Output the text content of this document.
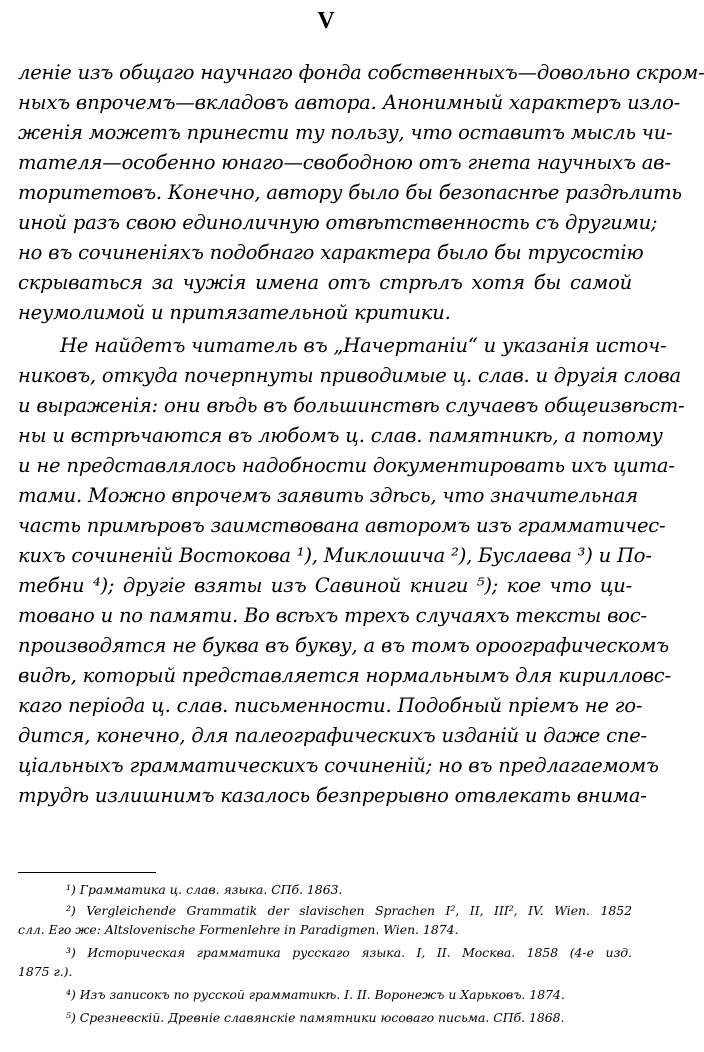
V
леніе изъ общаго научнаго фонда собственныхъ—довольно скром-
ныхъ впрочемъ—вкладовъ автора. Анонимный характеръ изло-
женія можетъ принести ту пользу, что оставитъ мысль чи-
тателя—особенно юнаго—свободною отъ гнета научныхъ ав-
торитетовъ. Конечно, автору было бы безопаснѣе раздѣлить
иной разъ свою единоличную отвѣтственность съ другими;
но въ сочиненіяхъ подобнаго характера было бы трусостію
скрываться за чужія имена отъ стрѣлъ хотя бы самой
неумолимой и притязательной критики.
Не найдетъ читатель въ „Начертаніи“ и указанія источ-
никовъ, откуда почерпнуты приводимые ц. слав. и другія слова
и выраженія: они вѣдь въ большинствѣ случаевъ общеизвѣст-
ны и встрѣчаются въ любомъ ц. слав. памятникѣ, а потому
и не представлялось надобности документировать ихъ цита-
тами. Можно впрочемъ заявить здѣсь, что значительная
часть примѣровъ заимствована авторомъ изъ грамматичес-
кихъ сочиненій Востокова ¹), Миклошича ²), Буслаева ³) и По-
тебни ⁴); другіе взяты изъ Савиной книги ⁵); кое что ци-
товано и по памяти. Во всѣхъ трехъ случаяхъ тексты вос-
производятся не буква въ букву, а въ томъ ороографическомъ
видѣ, который представляется нормальнымъ для кирилловс-
каго періода ц. слав. письменности. Подобный пріемъ не го-
дится, конечно, для палеографическихъ изданій и даже спе-
ціальныхъ грамматическихъ сочиненій; но въ предлагаемомъ
трудѣ излишнимъ казалось безпрерывно отвлекать внима-
¹) Грамматика ц. слав. языка. СПб. 1863.
²) Vergleichende Grammatik der slavischen Sprachen I², II, III², IV. Wien. 1852
слл. Его же: Altslovenische Formenlehre in Paradigmen. Wien. 1874.
³) Историческая грамматика русскаго языка. I, II. Москва. 1858 (4-е изд.
1875 г.).
⁴) Изъ записокъ по русской грамматикѣ. I. II. Воронежъ и Харьковъ. 1874.
⁵) Срезневскій. Древніе славянскіе памятники юсоваго письма. СПб. 1868.
